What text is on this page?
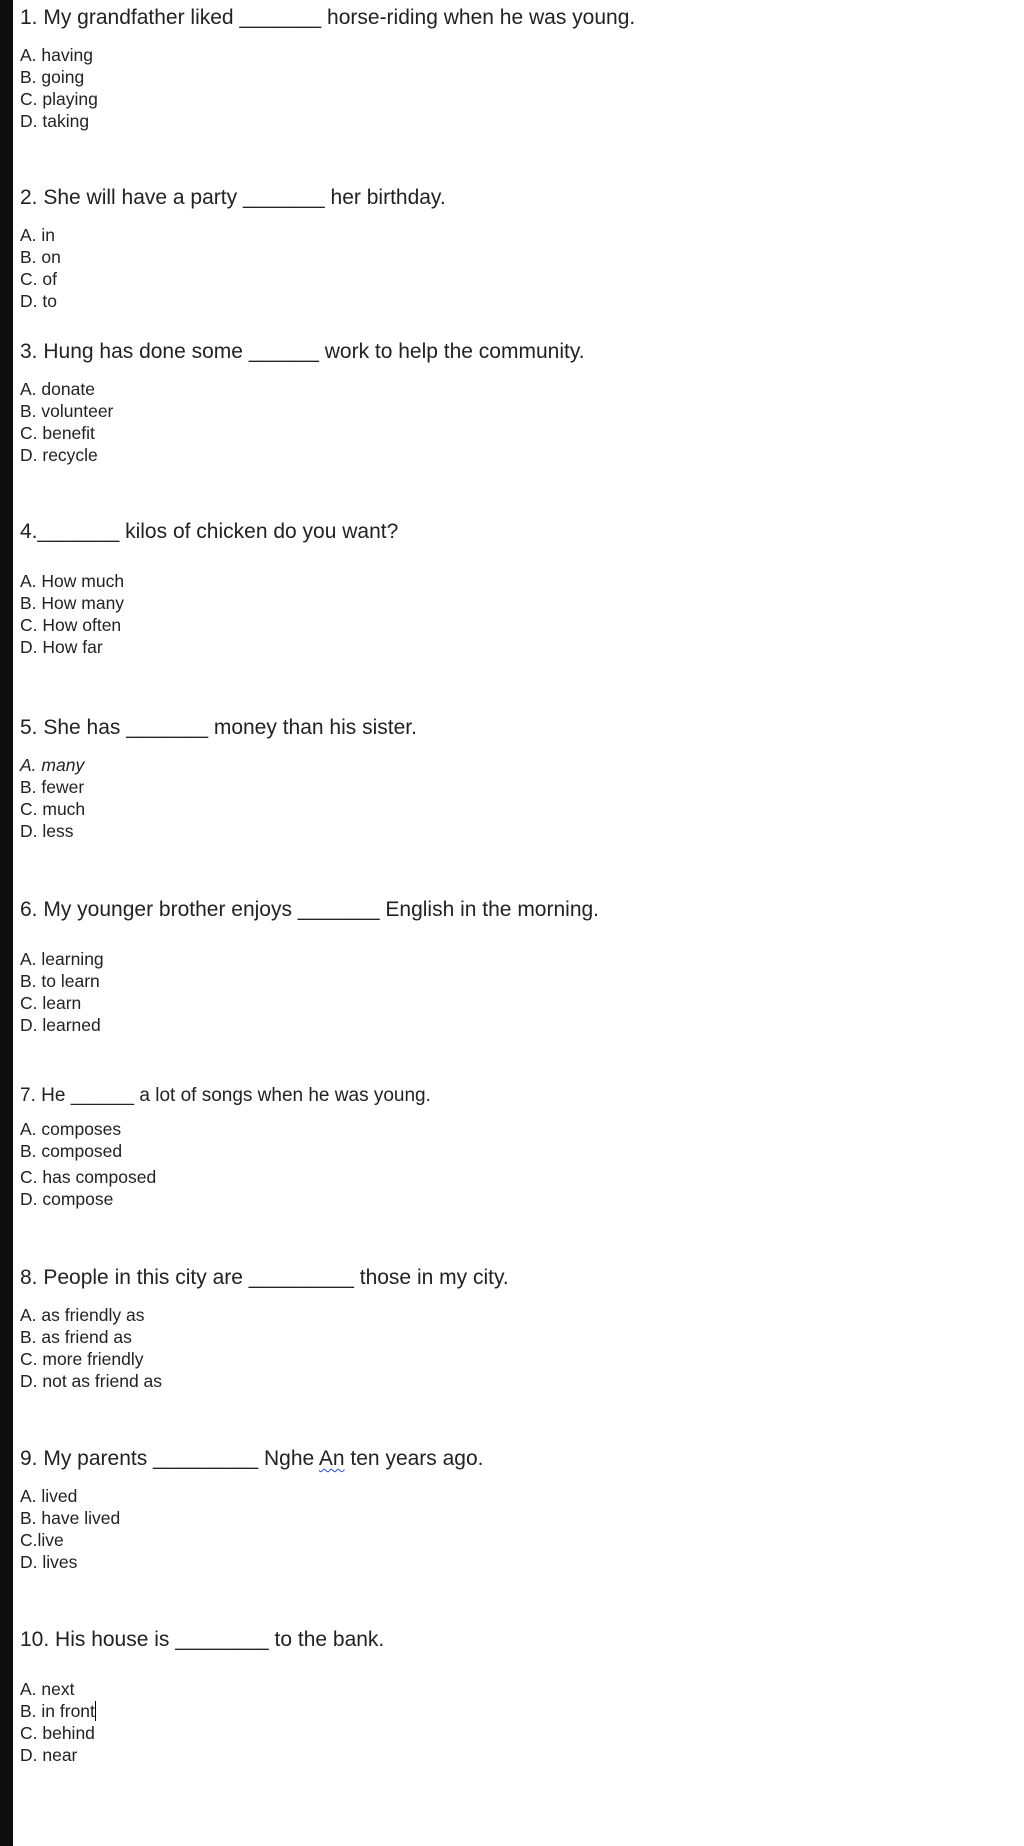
1. My grandfather liked _______ horse-riding when he was young.
A. having
B. going
C. playing
D. taking
2. She will have a party _______ her birthday.
A. in
B. on
C. of
D. to
3. Hung has done some ______ work to help the community.
A. donate
B. volunteer
C. benefit
D. recycle
4._______ kilos of chicken do you want?
A. How much
B. How many
C. How often
D. How far
5. She has _______ money than his sister.
A. many
B. fewer
C. much
D. less
6. My younger brother enjoys _______ English in the morning.
A. learning
B. to learn
C. learn
D. learned
7. He ______ a lot of songs when he was young.
A. composes
B. composed
C. has composed
D. compose
8. People in this city are _________ those in my city.
A. as friendly as
B. as friend as
C. more friendly
D. not as friend as
9. My parents _________ Nghe An ten years ago.
A. lived
B. have lived
C.live
D. lives
10. His house is ________ to the bank.
A. next
B. in front
C. behind
D. near
